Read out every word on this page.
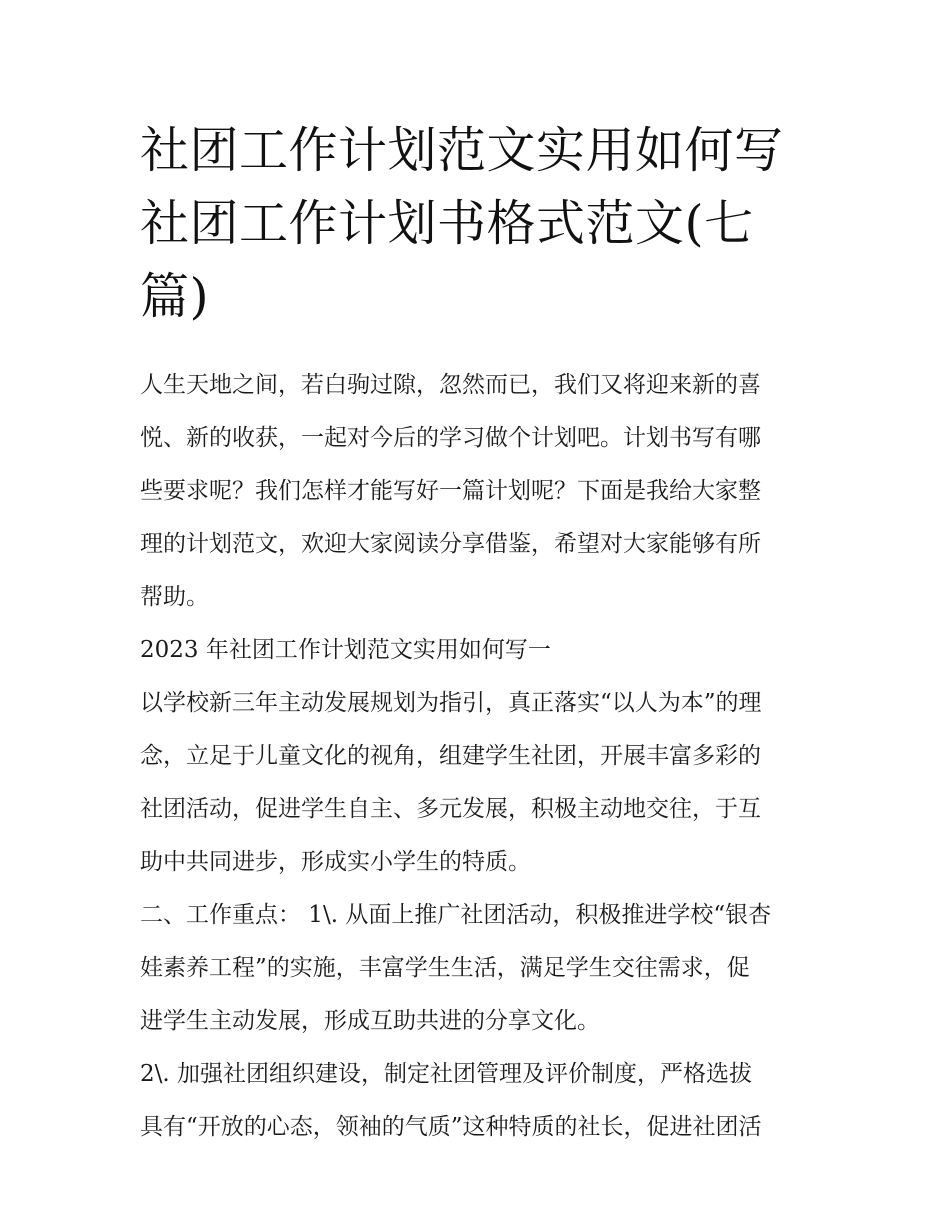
社团工作计划范文实用如何写
社团工作计划书格式范文(七
篇)

人生天地之间，若白驹过隙，忽然而已，我们又将迎来新的喜
悦、新的收获，一起对今后的学习做个计划吧。计划书写有哪
些要求呢？我们怎样才能写好一篇计划呢？下面是我给大家整
理的计划范文，欢迎大家阅读分享借鉴，希望对大家能够有所
帮助。

2023 年社团工作计划范文实用如何写一

以学校新三年主动发展规划为指引，真正落实“以人为本”的理
念，立足于儿童文化的视角，组建学生社团，开展丰富多彩的
社团活动，促进学生自主、多元发展，积极主动地交往，于互
助中共同进步，形成实小学生的特质。

二、工作重点： 1\. 从面上推广社团活动，积极推进学校“银杏
娃素养工程”的实施，丰富学生生活，满足学生交往需求，促
进学生主动发展，形成互助共进的分享文化。

2\. 加强社团组织建设，制定社团管理及评价制度，严格选拔
具有“开放的心态，领袖的气质”这种特质的社长，促进社团活
